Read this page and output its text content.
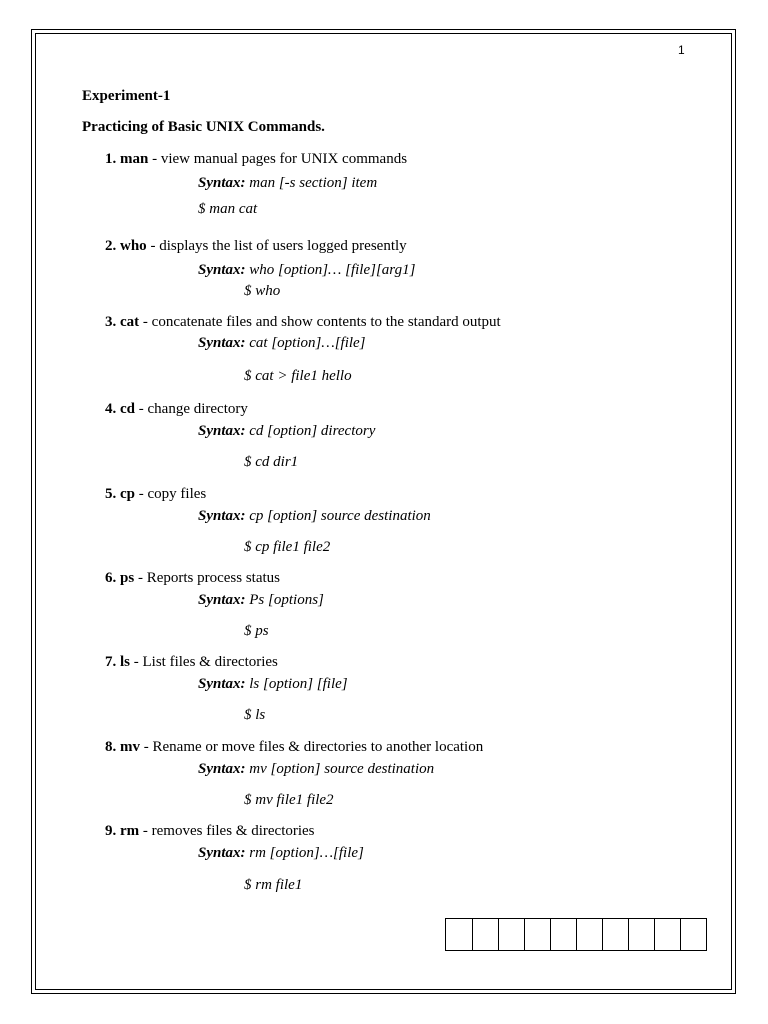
1
Experiment-1
Practicing of Basic UNIX Commands.
1. man - view manual pages for UNIX commands
Syntax: man [-s section] item
$ man cat
2. who - displays the list of users logged presently
Syntax: who [option]… [file][arg1]
$ who
3. cat - concatenate files and show contents to the standard output
Syntax: cat [option]…[file]
$ cat > file1 hello
4. cd - change directory
Syntax: cd [option] directory
$ cd dir1
5. cp - copy files
Syntax: cp [option] source destination
$ cp file1 file2
6. ps - Reports process status
Syntax: Ps [options]
$ ps
7. ls - List files & directories
Syntax: ls [option] [file]
$ ls
8. mv - Rename or move files & directories to another location
Syntax: mv [option] source destination
$ mv file1 file2
9. rm - removes files & directories
Syntax: rm [option]…[file]
$ rm file1
